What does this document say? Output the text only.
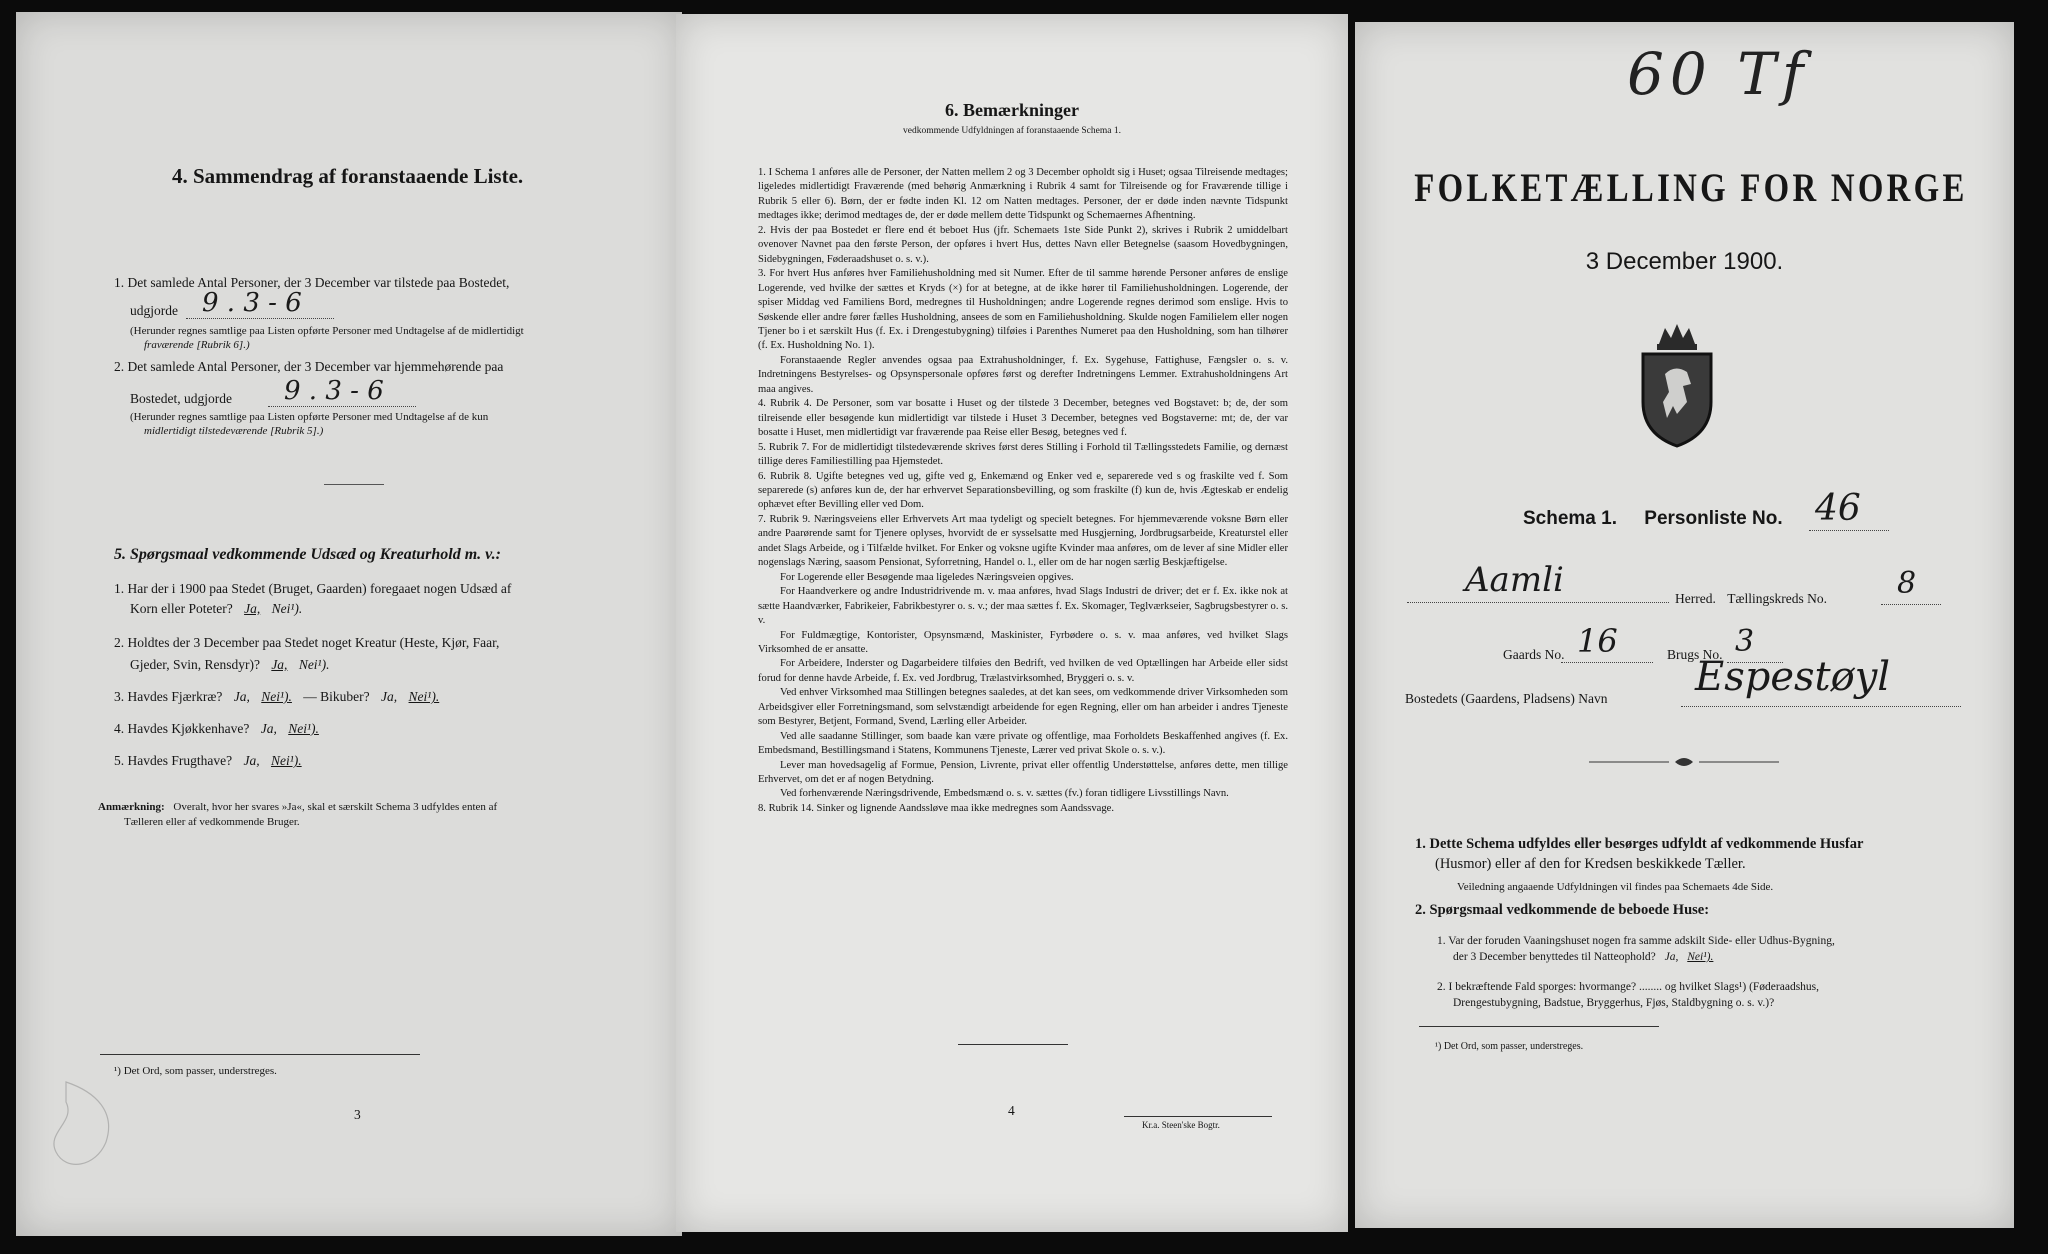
4. Sammendrag af foranstaaende Liste.
1. Det samlede Antal Personer, der 3 December var tilstede paa Bostedet,
udgjorde 9 . 3 - 6
(Herunder regnes samtlige paa Listen opførte Personer med Undtagelse af de midlertidigt
fraværende [Rubrik 6].)
2. Det samlede Antal Personer, der 3 December var hjemmehørende paa
Bostedet, udgjorde 9 . 3 - 6
(Herunder regnes samtlige paa Listen opførte Personer med Undtagelse af de kun
midlertidigt tilstedeværende [Rubrik 5].)
5. Spørgsmaal vedkommende Udsæd og Kreaturhold m. v.:
1. Har der i 1900 paa Stedet (Bruget, Gaarden) foregaaet nogen Udsæd af
Korn eller Poteter? Ja, Nei¹).
2. Holdtes der 3 December paa Stedet noget Kreatur (Heste, Kjør, Faar,
Gjeder, Svin, Rensdyr)? Ja, Nei¹).
3. Havdes Fjærkræ? Ja, Nei¹). — Bikuber? Ja, Nei¹).
4. Havdes Kjøkkenhave? Ja, Nei¹).
5. Havdes Frugthave? Ja, Nei¹).
Anmærkning: Overalt, hvor her svares »Ja«, skal et særskilt Schema 3 udfyldes enten af
Tælleren eller af vedkommende Bruger.
¹) Det Ord, som passer, understreges.
3
6. Bemærkninger
vedkommende Udfyldningen af foranstaaende Schema 1.

1. I Schema 1 anføres alle de Personer, der Natten mellem 2 og 3 December opholdt sig i Huset; ogsaa Tilreisende medtages; ligeledes midlertidigt Fraværende (med behørig Anmærkning i Rubrik 4 samt for Tilreisende og for Fraværende tillige i Rubrik 5 eller 6). Børn, der er fødte inden Kl. 12 om Natten medtages. Personer, der er døde inden nævnte Tidspunkt medtages ikke; derimod medtages de, der er døde mellem dette Tidspunkt og Schemaernes Afhentning.

2. Hvis der paa Bostedet er flere end ét beboet Hus (jfr. Schemaets 1ste Side Punkt 2), skrives i Rubrik 2 umiddelbart ovenover Navnet paa den første Person, der opføres i hvert Hus, dettes Navn eller Betegnelse (saasom Hovedbygningen, Sidebygningen, Føderaadshuset o. s. v.).

3. For hvert Hus anføres hver Familiehusholdning med sit Numer. Efter de til samme hørende Personer anføres de enslige Logerende, ved hvilke der sættes et Kryds (×) for at betegne, at de ikke hører til Familiehusholdningen. Logerende, der spiser Middag ved Familiens Bord, medregnes til Husholdningen; andre Logerende regnes derimod som enslige. Hvis to Søskende eller andre fører fælles Husholdning, ansees de som en Familiehusholdning. Skulde nogen Familielem eller nogen Tjener bo i et særskilt Hus (f. Ex. i Drengestubygning) tilføies i Parenthes Numeret paa den Husholdning, som han tilhører (f. Ex. Husholdning No. 1).

Foranstaaende Regler anvendes ogsaa paa Extrahusholdninger, f. Ex. Sygehuse, Fattighuse, Fængsler o. s. v. Indretningens Bestyrelses- og Opsynspersonale opføres først og derefter Indretningens Lemmer. Extrahusholdningens Art maa angives.

4. Rubrik 4. De Personer, som var bosatte i Huset og der tilstede 3 December, betegnes ved Bogstavet: b; de, der som tilreisende eller besøgende kun midlertidigt var tilstede i Huset 3 December, betegnes ved Bogstaverne: mt; de, der var bosatte i Huset, men midlertidigt var fraværende paa Reise eller Besøg, betegnes ved f.

5. Rubrik 7. For de midlertidigt tilstedeværende skrives først deres Stilling i Forhold til Tællingsstedets Familie, og dernæst tillige deres Familiestilling paa Hjemstedet.

6. Rubrik 8. Ugifte betegnes ved ug, gifte ved g, Enkemænd og Enker ved e, separerede ved s og fraskilte ved f. Som separerede (s) anføres kun de, der har erhvervet Separationsbevilling, og som fraskilte (f) kun de, hvis Ægteskab er endelig ophævet efter Bevilling eller ved Dom.

7. Rubrik 9. Næringsveiens eller Erhvervets Art maa tydeligt og specielt betegnes. For hjemmeværende voksne Børn eller andre Paarørende samt for Tjenere oplyses, hvorvidt de er sysselsatte med Husgjerning, Jordbrugsarbeide, Kreaturstel eller andet Slags Arbeide, og i Tilfælde hvilket. For Enker og voksne ugifte Kvinder maa anføres, om de lever af sine Midler eller nogenslags Næring, saasom Pensionat, Syforretning, Handel o. l., eller om de har nogen særlig Beskjæftigelse.

For Logerende eller Besøgende maa ligeledes Næringsveien opgives.

For Haandverkere og andre Industridrivende m. v. maa anføres, hvad Slags Industri de driver; det er f. Ex. ikke nok at sætte Haandværker, Fabrikeier, Fabrikbestyrer o. s. v.; der maa sættes f. Ex. Skomager, Teglværkseier, Sagbrugsbestyrer o. s. v.

For Fuldmægtige, Kontorister, Opsynsmænd, Maskinister, Fyrbødere o. s. v. maa anføres, ved hvilket Slags Virksomhed de er ansatte.

For Arbeidere, Inderster og Dagarbeidere tilføies den Bedrift, ved hvilken de ved Optællingen har Arbeide eller sidst forud for denne havde Arbeide, f. Ex. ved Jordbrug, Trælastvirksomhed, Bryggeri o. s. v.

Ved enhver Virksomhed maa Stillingen betegnes saaledes, at det kan sees, om vedkommende driver Virksomheden som Arbeidsgiver eller Forretningsmand, som selvstændigt arbeidende for egen Regning, eller om han arbeider i andres Tjeneste som Bestyrer, Betjent, Formand, Svend, Lærling eller Arbeider.

Ved alle saadanne Stillinger, som baade kan være private og offentlige, maa Forholdets Beskaffenhed angives (f. Ex. Embedsmand, Bestillingsmand i Statens, Kommunens Tjeneste, Lærer ved privat Skole o. s. v.).

Lever man hovedsagelig af Formue, Pension, Livrente, privat eller offentlig Understøttelse, anføres dette, men tillige Erhvervet, om det er af nogen Betydning.

Ved forhenværende Næringsdrivende, Embedsmænd o. s. v. sættes (fv.) foran tidligere Livsstillings Navn.

8. Rubrik 14. Sinker og lignende Aandssløve maa ikke medregnes som Aandssvage.

4
Kr.a. Steen'ske Bogtr.
60 Tf
FOLKETÆLLING FOR NORGE
3 December 1900.
Schema 1. Personliste No. 46
Aamli	Herred. Tællingskreds No. 8
Gaards No. 16	Brugs No. 3
Bostedets (Gaardens, Pladsens) Navn Espestøyl
1. Dette Schema udfyldes eller besørges udfyldt af vedkommende Husfar
(Husmor) eller af den for Kredsen beskikkede Tæller.
Veiledning angaaende Udfyldningen vil findes paa Schemaets 4de Side.
2. Spørgsmaal vedkommende de beboede Huse:
1. Var der foruden Vaaningshuset nogen fra samme adskilt Side- eller Udhus-Bygning,
der 3 December benyttedes til Natteophold? Ja, Nei¹).
2. I bekræftende Fald sporges: hvormange? ........ og hvilket Slags¹) (Føderaadshus,
Drengestubygning, Badstue, Bryggerhus, Fjøs, Staldbygning o. s. v.)?
¹) Det Ord, som passer, understreges.
